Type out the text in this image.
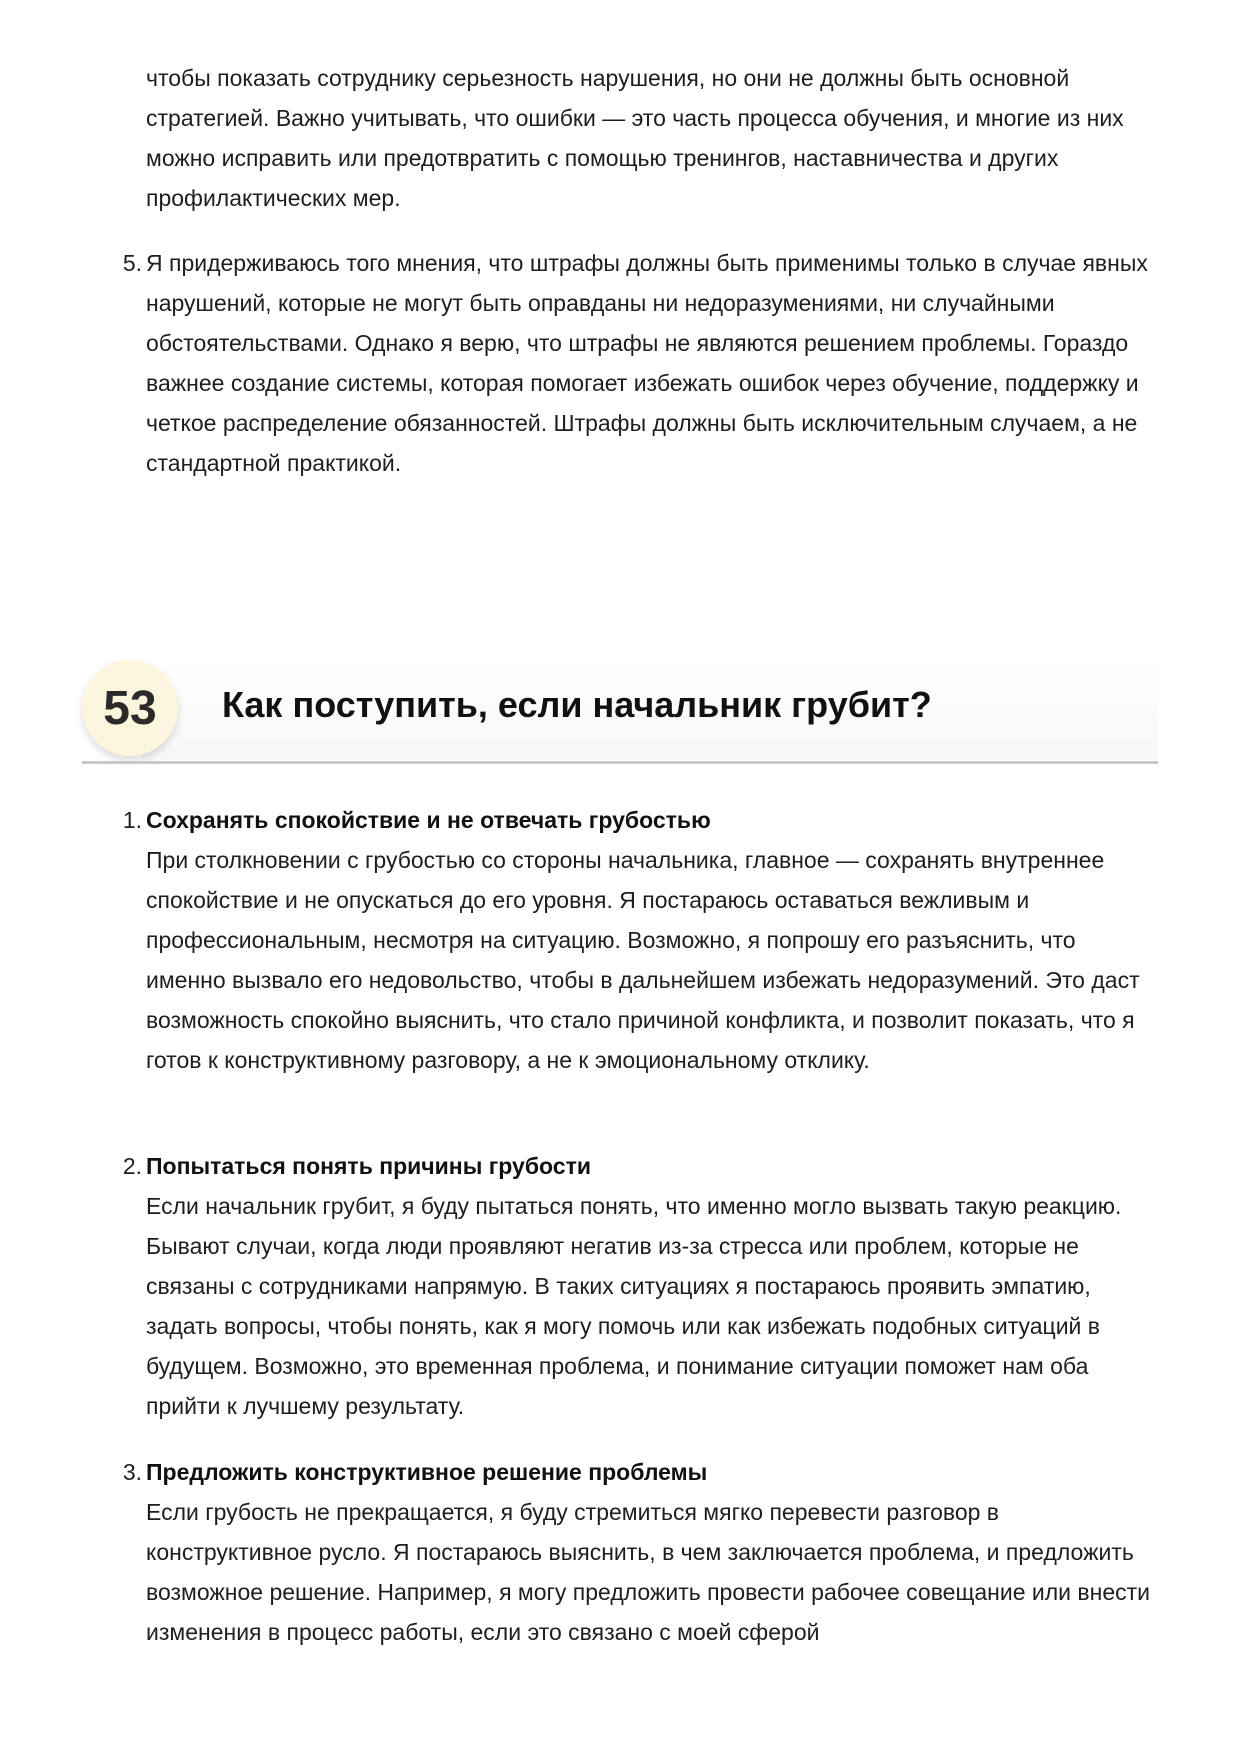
чтобы показать сотруднику серьезность нарушения, но они не должны быть основной стратегией. Важно учитывать, что ошибки — это часть процесса обучения, и многие из них можно исправить или предотвратить с помощью тренингов, наставничества и других профилактических мер.

5. Я придерживаюсь того мнения, что штрафы должны быть применимы только в случае явных нарушений, которые не могут быть оправданы ни недоразумениями, ни случайными обстоятельствами. Однако я верю, что штрафы не являются решением проблемы. Гораздо важнее создание системы, которая помогает избежать ошибок через обучение, поддержку и четкое распределение обязанностей. Штрафы должны быть исключительным случаем, а не стандартной практикой.
53	Как поступить, если начальник грубит?
1. Сохранять спокойствие и не отвечать грубостью
При столкновении с грубостью со стороны начальника, главное — сохранять внутреннее спокойствие и не опускаться до его уровня. Я постараюсь оставаться вежливым и профессиональным, несмотря на ситуацию. Возможно, я попрошу его разъяснить, что именно вызвало его недовольство, чтобы в дальнейшем избежать недоразумений. Это даст возможность спокойно выяснить, что стало причиной конфликта, и позволит показать, что я готов к конструктивному разговору, а не к эмоциональному отклику.
2. Попытаться понять причины грубости
Если начальник грубит, я буду пытаться понять, что именно могло вызвать такую реакцию. Бывают случаи, когда люди проявляют негатив из-за стресса или проблем, которые не связаны с сотрудниками напрямую. В таких ситуациях я постараюсь проявить эмпатию, задать вопросы, чтобы понять, как я могу помочь или как избежать подобных ситуаций в будущем. Возможно, это временная проблема, и понимание ситуации поможет нам оба прийти к лучшему результату.
3. Предложить конструктивное решение проблемы
Если грубость не прекращается, я буду стремиться мягко перевести разговор в конструктивное русло. Я постараюсь выяснить, в чем заключается проблема, и предложить возможное решение. Например, я могу предложить провести рабочее совещание или внести изменения в процесс работы, если это связано с моей сферой
